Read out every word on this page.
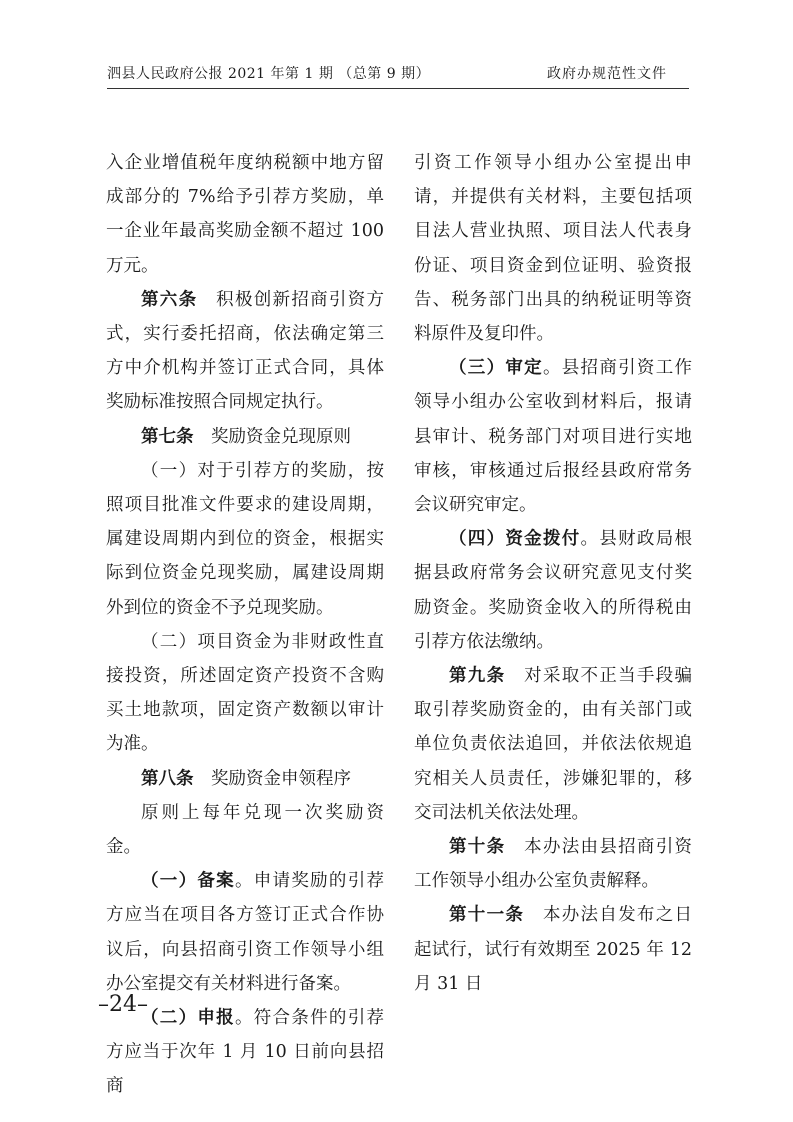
泗县人民政府公报 2021 年第 1 期 （总第 9 期）	政府办规范性文件

入企业增值税年度纳税额中地方留成部分的 7%给予引荐方奖励，单一企业年最高奖励金额不超过 100 万元。

第六条　积极创新招商引资方式，实行委托招商，依法确定第三方中介机构并签订正式合同，具体奖励标准按照合同规定执行。

第七条　奖励资金兑现原则

（一）对于引荐方的奖励，按照项目批准文件要求的建设周期，属建设周期内到位的资金，根据实际到位资金兑现奖励，属建设周期外到位的资金不予兑现奖励。

（二）项目资金为非财政性直接投资，所述固定资产投资不含购买土地款项，固定资产数额以审计为准。

第八条　奖励资金申领程序

原则上每年兑现一次奖励资金。

（一）备案。申请奖励的引荐方应当在项目各方签订正式合作协议后，向县招商引资工作领导小组办公室提交有关材料进行备案。

（二）申报。符合条件的引荐方应当于次年 1 月 10 日前向县招商

引资工作领导小组办公室提出申请，并提供有关材料，主要包括项目法人营业执照、项目法人代表身份证、项目资金到位证明、验资报告、税务部门出具的纳税证明等资料原件及复印件。

（三）审定。县招商引资工作领导小组办公室收到材料后，报请县审计、税务部门对项目进行实地审核，审核通过后报经县政府常务会议研究审定。

（四）资金拨付。县财政局根据县政府常务会议研究意见支付奖励资金。奖励资金收入的所得税由引荐方依法缴纳。

第九条　对采取不正当手段骗取引荐奖励资金的，由有关部门或单位负责依法追回，并依法依规追究相关人员责任，涉嫌犯罪的，移交司法机关依法处理。

第十条　本办法由县招商引资工作领导小组办公室负责解释。

第十一条　本办法自发布之日起试行，试行有效期至 2025 年 12 月 31 日

–24–
